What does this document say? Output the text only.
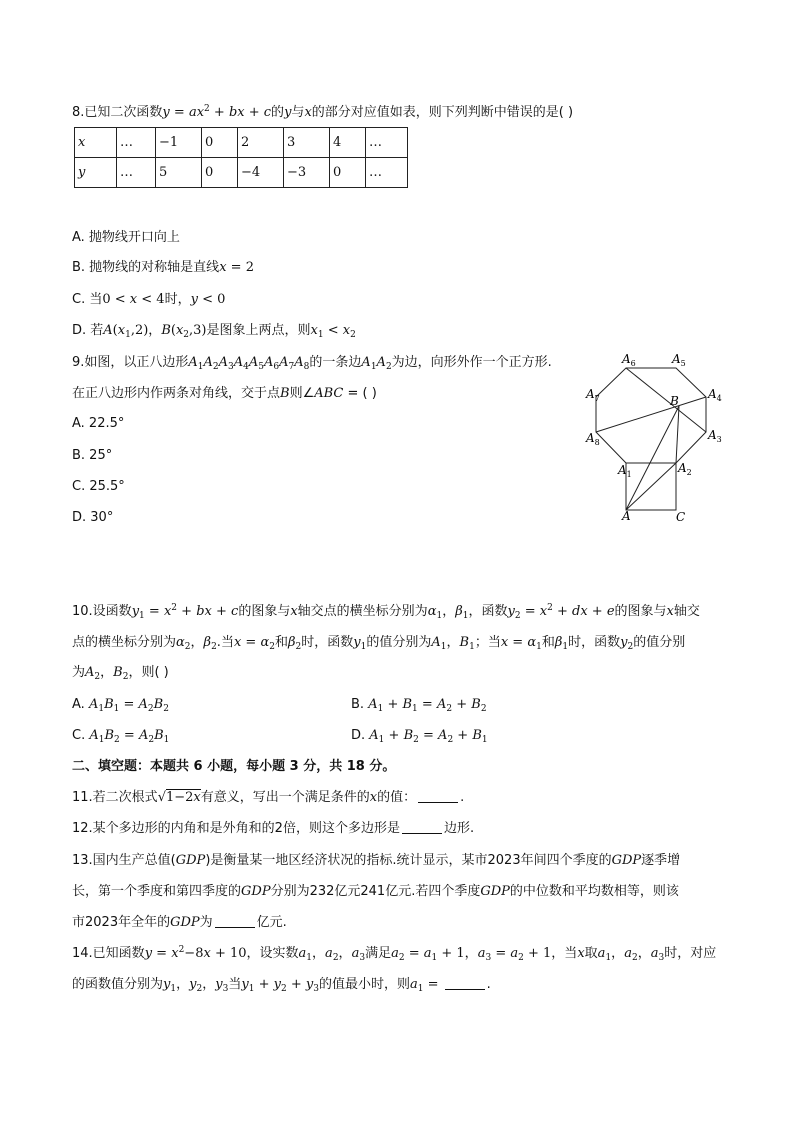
8.已知二次函数$y = ax^2$ + bx + c的y与x的部分对应值如表，则下列判断中错误的是( )
x	…	−1	0	2	3	4	…
y	…	5	0	−4	−3	0	…
A. 抛物线开口向上
B. 抛物线的对称轴是直线x = 2
C. 当0 < x < 4时，y < 0
D. 若$A(x_1,2)$，$B(x_2,3)$是图象上两点，则$x_1 < x_2$
9.如图，以正八边形$A_1A_2A_3A_4A_5A_6A_7A_8$的一条边$A_1A_2$为边，向形外作一个正方形.
在正八边形内作两条对角线，交于点B则∠ABC = ( )
A. 22.5°
B. 25°
C. 25.5°
D. 30°
$A_6$	$A_5$
$A_7$	$A_4$
$A_8$
$A_3$
$A_1$	$A_2$
B
A	C
10.设函数$y_1 = x^2$ + bx + c的图象与x轴交点的横坐标分别为$\alpha_1$，$\beta_1$，函数$y_2 = x^2$ + dx + e的图象与x轴交
点的横坐标分别为$\alpha_2$，$\beta_2$.当$x = \alpha_2$和$\beta_2$时，函数$y_1$的值分别为$A_1$，$B_1$；当$x = \alpha_1$和$\beta_1$时，函数$y_2$的值分别
为$A_2$，$B_2$，则( )
A. $A_1B_1 = A_2B_2$	B. $A_1 + B_1 = A_2 + B_2$
C. $A_1B_2 = A_2B_1$	D. $A_1 + B_2 = A_2 + B_1$
二、填空题：本题共 6 小题，每小题 3 分，共 18 分。
11.若二次根式√1−2x有意义，写出一个满足条件的x的值：	.
12.某个多边形的内角和是外角和的2倍，则这个多边形是	边形.
13.国内生产总值(GDP)是衡量某一地区经济状况的指标.统计显示，某市2023年间四个季度的GDP逐季增
长，第一个季度和第四季度的GDP分别为232亿元241亿元.若四个季度GDP的中位数和平均数相等，则该
市2023年全年的GDP为	亿元.
14.已知函数$y = x^2-8x + 10$，设实数$a_1$，$a_2$，$a_3$满足$a_2 = a_1 + 1$，$a_3 = a_2 + 1$，当x取$a_1$，$a_2$，$a_3$时，对应
的函数值分别为$y_1$，$y_2$，$y_3$当$y_1 + y_2 + y_3$的值最小时，则$a_1$ =	.
